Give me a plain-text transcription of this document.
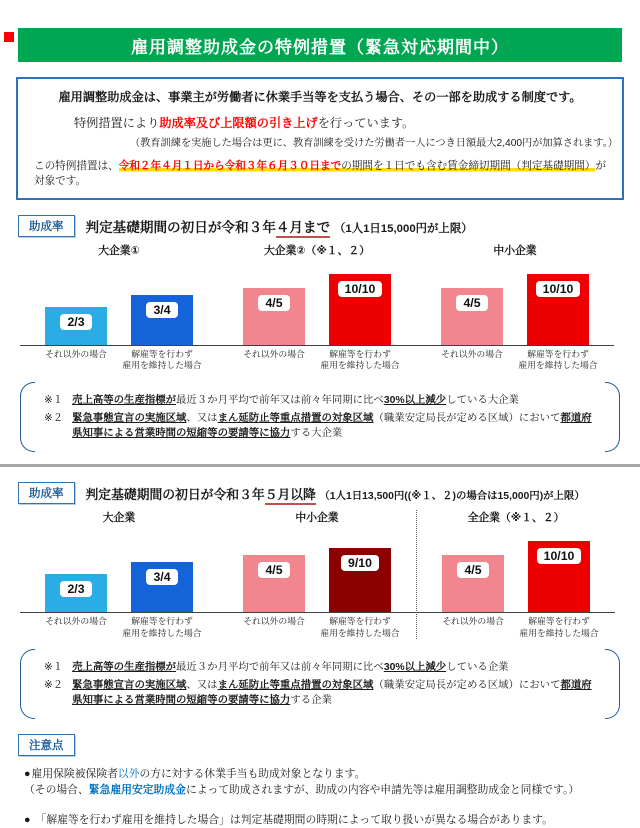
雇用調整助成金の特例措置（緊急対応期間中）
雇用調整助成金は、事業主が労働者に休業手当等を支払う場合、その一部を助成する制度です。
特例措置により助成率及び上限額の引き上げを行っています。
（教育訓練を実施した場合は更に、教育訓練を受けた労働者一人につき日額最大2,400円が加算されます。）
この特例措置は、令和２年４月１日から令和３年６月３０日までの期間を１日でも含む賃金締切期間（判定基礎期間）が対象です。
助成率	判定基礎期間の初日が令和３年４月まで （1人1日15,000円が上限）
大企業①
2/3
3/4
それ以外の場合	解雇等を行わず
雇用を維持した場合
大企業②（※１、２）
4/5
10/10
それ以外の場合	解雇等を行わず
雇用を維持した場合
中小企業
4/5
10/10
それ以外の場合	解雇等を行わず
雇用を維持した場合
※１ 売上高等の生産指標が最近３か月平均で前年又は前々年同期に比べ30%以上減少している大企業
※２ 緊急事態宣言の実施区域、又はまん延防止等重点措置の対象区域（職業安定局長が定める区域）において都道府県知事による営業時間の短縮等の要請等に協力する大企業
助成率	判定基礎期間の初日が令和３年５月以降 （1人1日13,500円((※１、２)の場合は15,000円)が上限）
大企業
2/3
3/4
それ以外の場合	解雇等を行わず
雇用を維持した場合
中小企業
4/5	9/10
それ以外の場合	解雇等を行わず
雇用を維持した場合
全企業（※１、２）
4/5
10/10
それ以外の場合	解雇等を行わず
雇用を維持した場合
※１ 売上高等の生産指標が最近３か月平均で前年又は前々年同期に比べ30%以上減少している企業
※２ 緊急事態宣言の実施区域、又はまん延防止等重点措置の対象区域（職業安定局長が定める区域）において都道府県知事による営業時間の短縮等の要請等に協力する企業
注意点
●雇用保険被保険者以外の方に対する休業手当も助成対象となります。
（その場合、緊急雇用安定助成金によって助成されますが、助成の内容や申請先等は雇用調整助成金と同様です。）
● 「解雇等を行わず雇用を維持した場合」は判定基礎期間の時期によって取り扱いが異なる場合があります。
